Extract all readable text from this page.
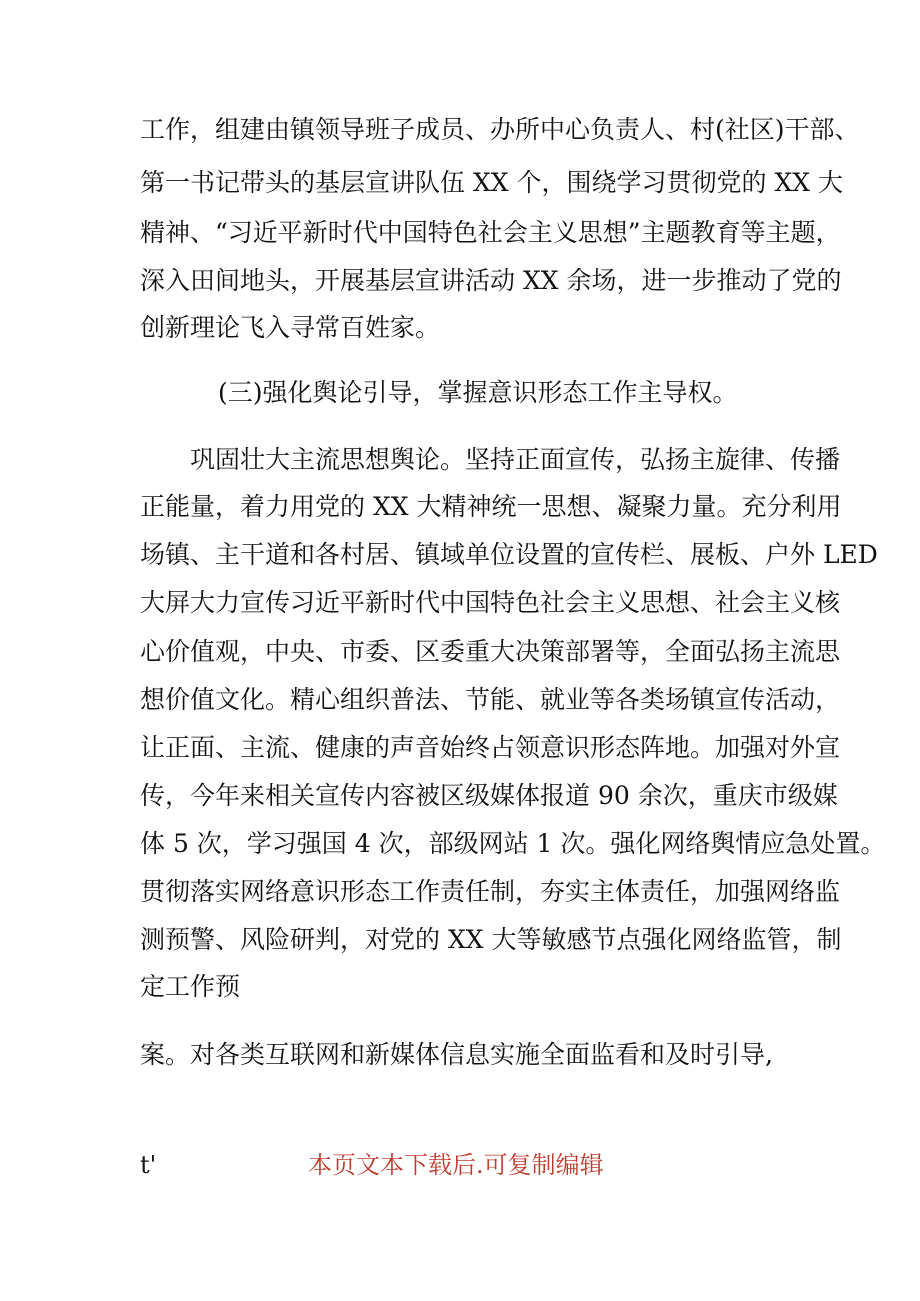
工作，组建由镇领导班子成员、办所中心负责人、村(社区)干部、
第一书记带头的基层宣讲队伍 XX 个，围绕学习贯彻党的 XX 大
精神、“习近平新时代中国特色社会主义思想”主题教育等主题，
深入田间地头，开展基层宣讲活动 XX 余场，进一步推动了党的
创新理论飞入寻常百姓家。
(三)强化舆论引导，掌握意识形态工作主导权。
巩固壮大主流思想舆论。坚持正面宣传，弘扬主旋律、传播
正能量，着力用党的 XX 大精神统一思想、凝聚力量。充分利用
场镇、主干道和各村居、镇域单位设置的宣传栏、展板、户外 LED
大屏大力宣传习近平新时代中国特色社会主义思想、社会主义核
心价值观，中央、市委、区委重大决策部署等，全面弘扬主流思
想价值文化。精心组织普法、节能、就业等各类场镇宣传活动，
让正面、主流、健康的声音始终占领意识形态阵地。加强对外宣
传，今年来相关宣传内容被区级媒体报道 90 余次，重庆市级媒
体 5 次，学习强国 4 次，部级网站 1 次。强化网络舆情应急处置。
贯彻落实网络意识形态工作责任制，夯实主体责任，加强网络监
测预警、风险研判，对党的 XX 大等敏感节点强化网络监管，制
定工作预
案。对各类互联网和新媒体信息实施全面监看和及时引导,
t'	本页文本下载后.可复制编辑
